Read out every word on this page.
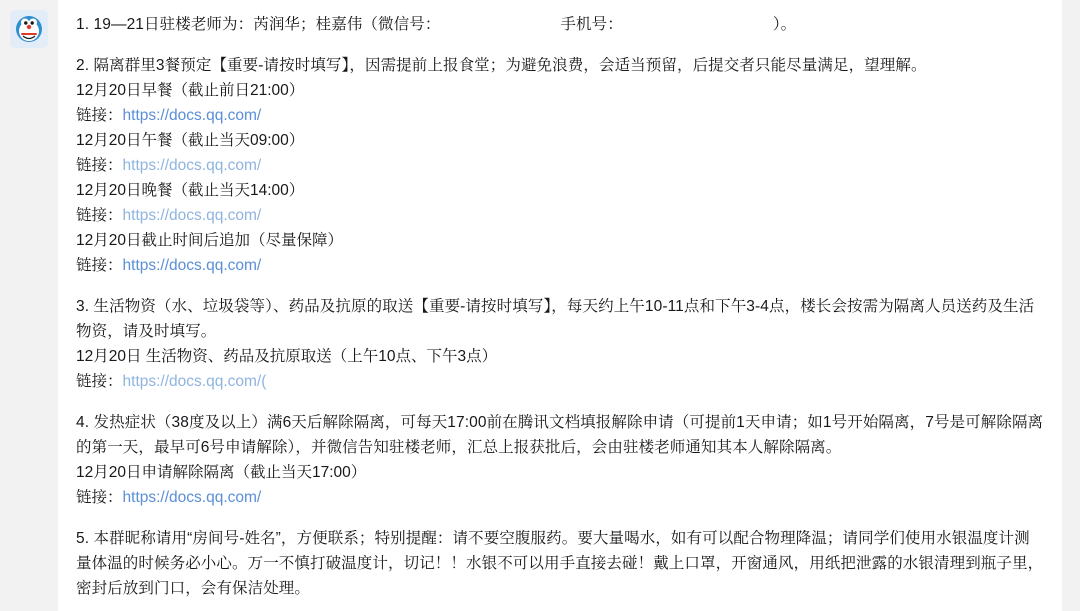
1. 19—21日驻楼老师为：芮润华；桂嘉伟（微信号：	手机号：	）。
2. 隔离群里3餐预定【重要-请按时填写】，因需提前上报食堂；为避免浪费，会适当预留，后提交者只能尽量满足，望理解。
12月20日早餐（截止前日21:00）
链接：https://docs.qq.com/
12月20日午餐（截止当天09:00）
链接：https://docs.qq.com/
12月20日晚餐（截止当天14:00）
链接：https://docs.qq.com/
12月20日截止时间后追加（尽量保障）
链接：https://docs.qq.com/
3. 生活物资（水、垃圾袋等）、药品及抗原的取送【重要-请按时填写】，每天约上午10-11点和下午3-4点，楼长会按需为隔离人员送药及生活物资，请及时填写。
12月20日 生活物资、药品及抗原取送（上午10点、下午3点）
链接：https://docs.qq.com/(
4. 发热症状（38度及以上）满6天后解除隔离，可每天17:00前在腾讯文档填报解除申请（可提前1天申请；如1号开始隔离，7号是可解除隔离的第一天，最早可6号申请解除），并微信告知驻楼老师，汇总上报获批后，会由驻楼老师通知其本人解除隔离。
12月20日申请解除隔离（截止当天17:00）
链接：https://docs.qq.com/
5. 本群昵称请用“房间号-姓名”，方便联系；特别提醒：请不要空腹服药。要大量喝水，如有可以配合物理降温；请同学们使用水银温度计测量体温的时候务必小心。万一不慎打破温度计，切记！！水银不可以用手直接去碰！戴上口罩，开窗通风，用纸把泄露的水银清理到瓶子里，密封后放到门口，会有保洁处理。
